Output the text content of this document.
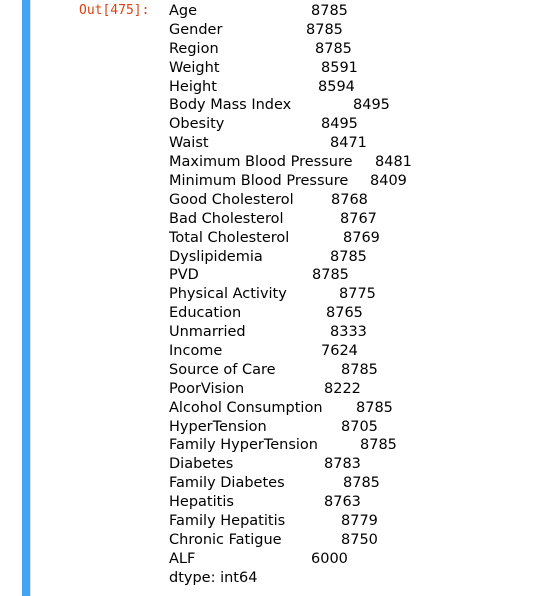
Out[475]: Age	8785
Gender	8785
Region	8785
Weight	8591
Height	8594
Body Mass Index	8495
Obesity	8495
Waist	8471
Maximum Blood Pressure 8481
Minimum Blood Pressure 8409
Good Cholesterol	8768
Bad Cholesterol	8767
Total Cholesterol	8769
Dyslipidemia	8785
PVD	8785
Physical Activity	8775
Education	8765
Unmarried	8333
Income	7624
Source of Care	8785
PoorVision	8222
Alcohol Consumption 8785
HyperTension	8705
Family HyperTension	8785
Diabetes	8783
Family Diabetes	8785
Hepatitis	8763
Family Hepatitis	8779
Chronic Fatigue	8750
ALF	6000
dtype: int64
